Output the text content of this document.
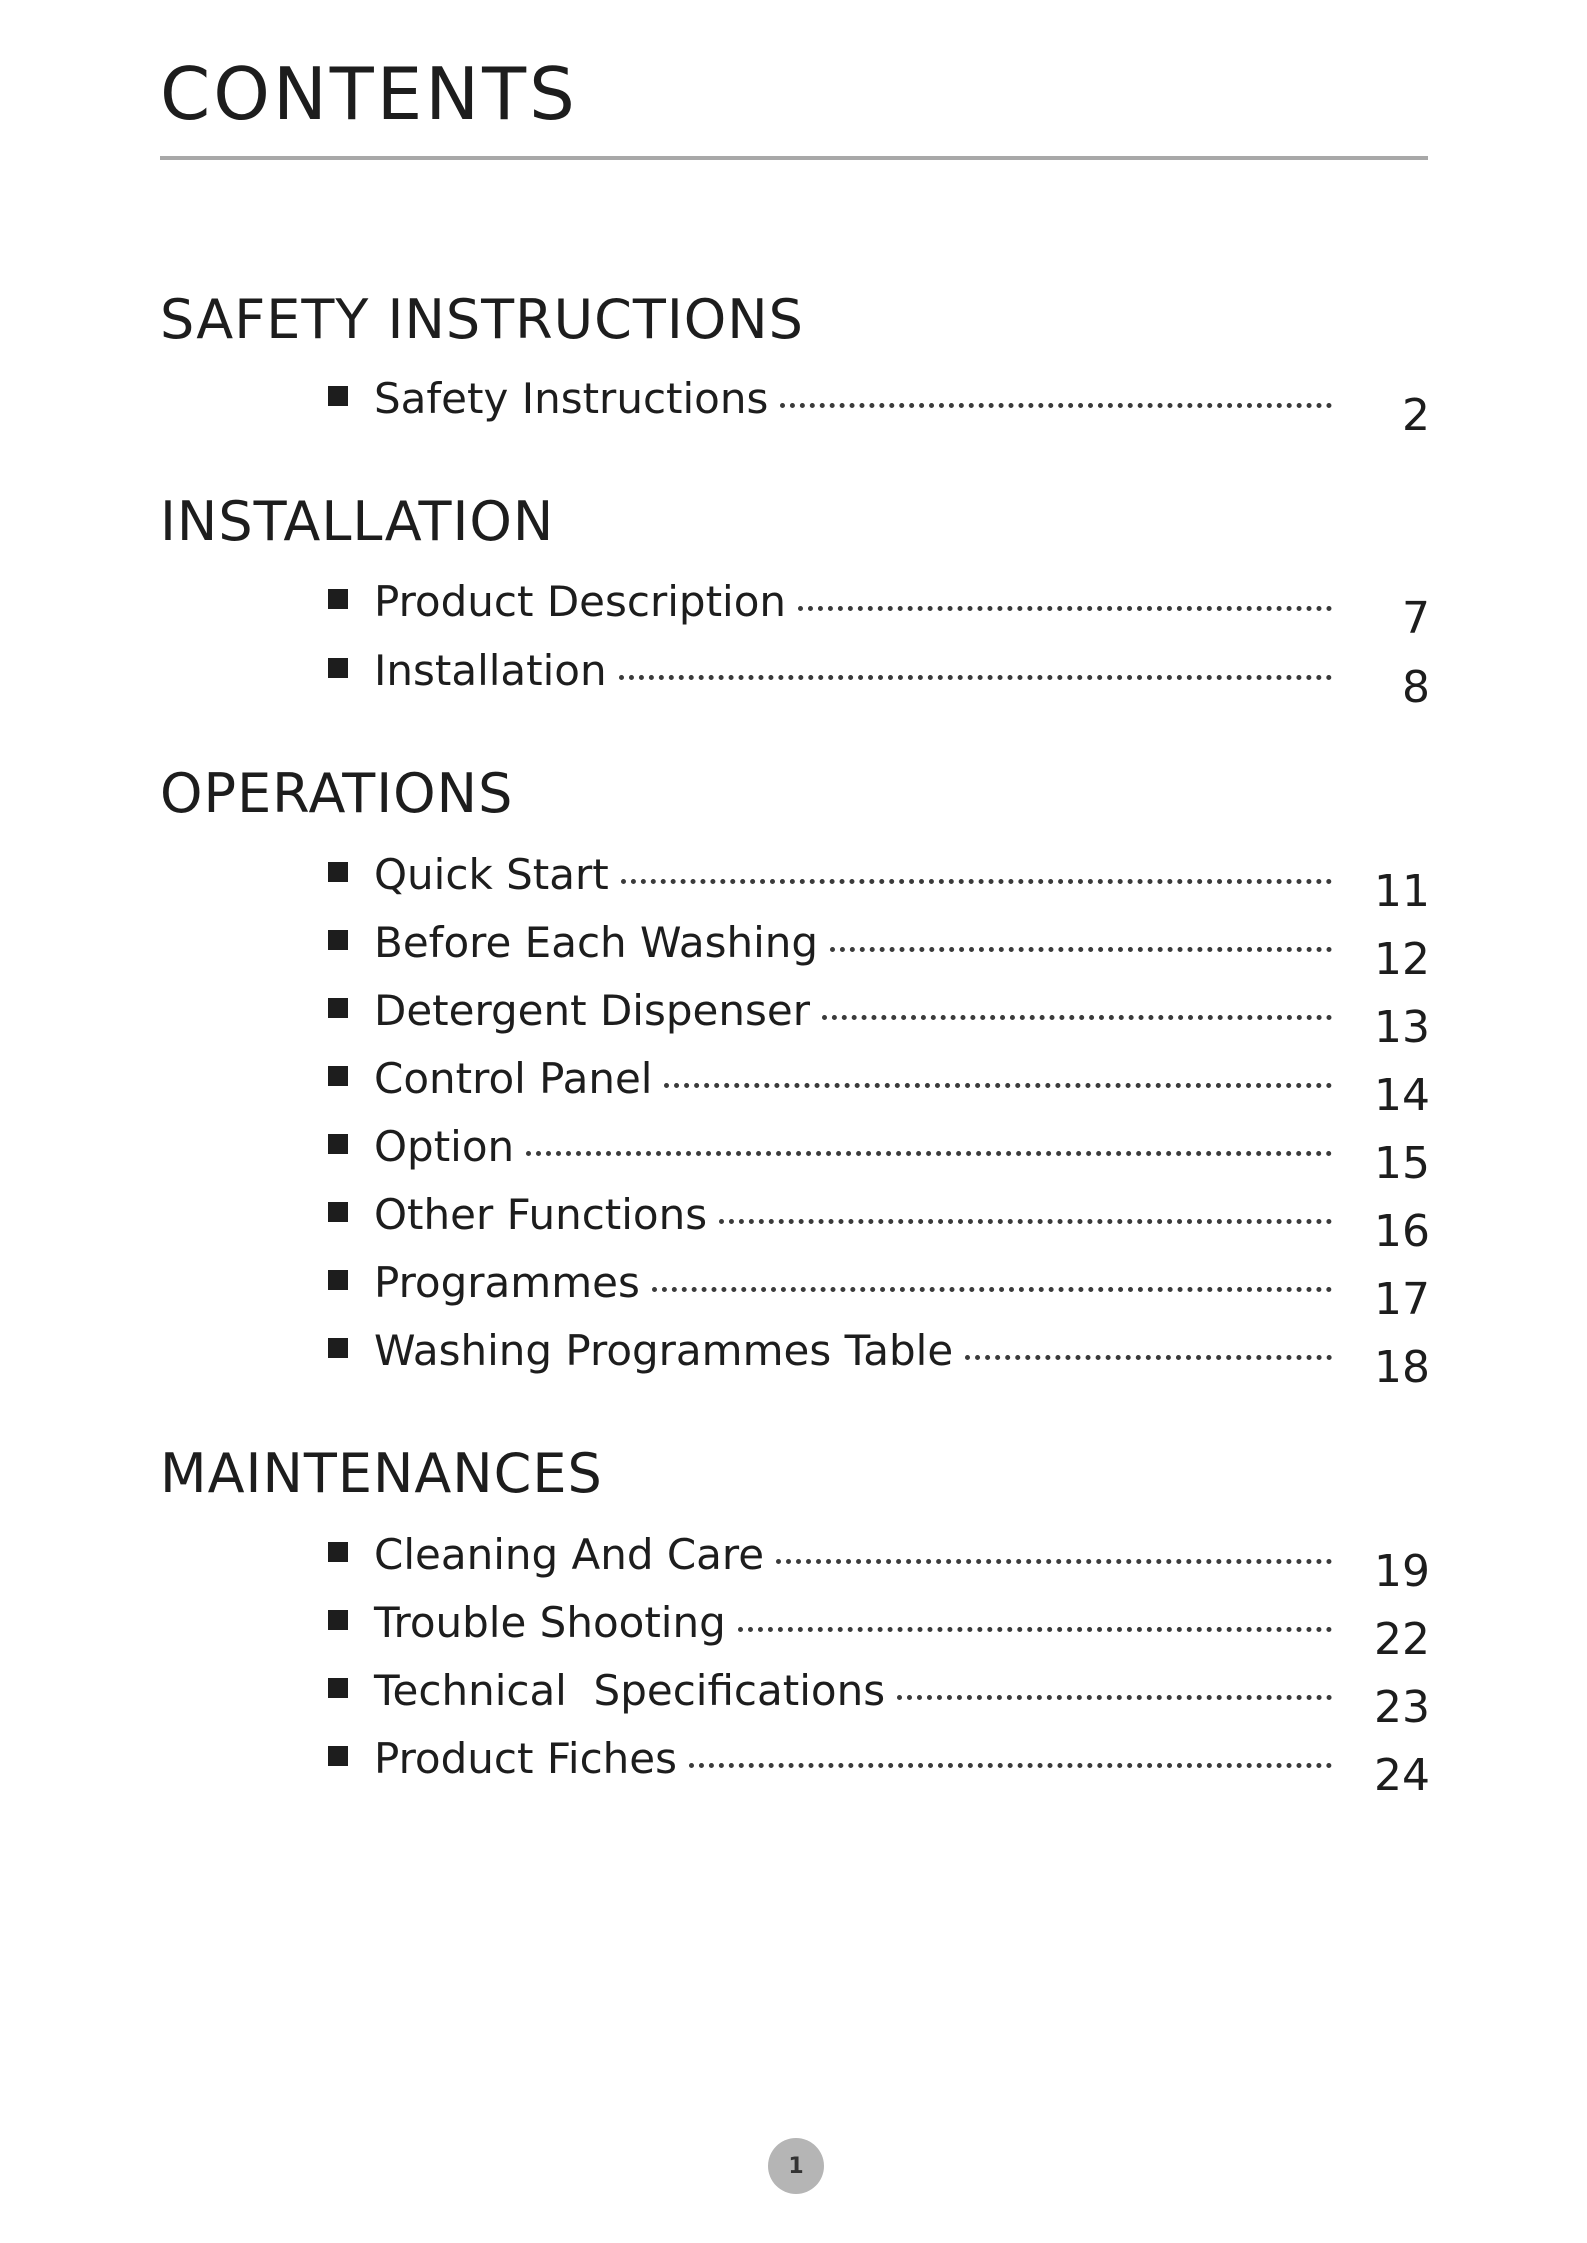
CONTENTS
SAFETY INSTRUCTIONS
Safety Instructions	2
INSTALLATION
Product Description	7
Installation	8
OPERATIONS
Quick Start	11
Before Each Washing	12
Detergent Dispenser	13
Control Panel	14
Option	15
Other Functions	16
Programmes	17
Washing Programmes Table	18
MAINTENANCES
Cleaning And Care	19
Trouble Shooting	22
Technical  Specifications	23
Product Fiches	24
1
